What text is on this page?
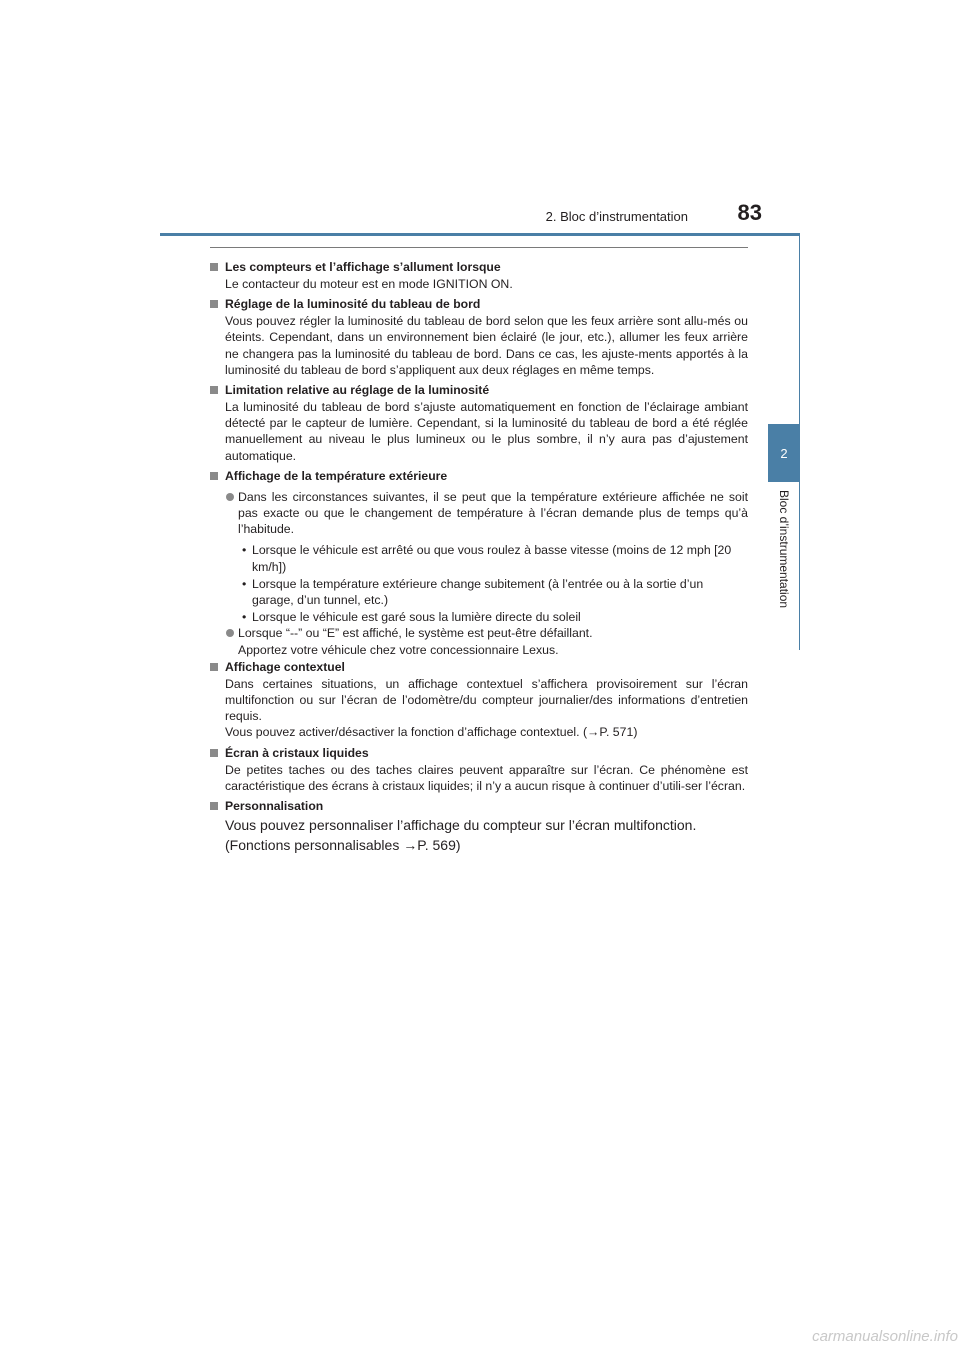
2. Bloc d’instrumentation	83
2
Bloc d’instrumentation

Les compteurs et l’affichage s’allument lorsque

Le contacteur du moteur est en mode IGNITION ON.

Réglage de la luminosité du tableau de bord

Vous pouvez régler la luminosité du tableau de bord selon que les feux arrière sont allu-més ou éteints. Cependant, dans un environnement bien éclairé (le jour, etc.), allumer les feux arrière ne changera pas la luminosité du tableau de bord. Dans ce cas, les ajuste-ments apportés à la luminosité du tableau de bord s’appliquent aux deux réglages en même temps.

Limitation relative au réglage de la luminosité

La luminosité du tableau de bord s’ajuste automatiquement en fonction de l’éclairage ambiant détecté par le capteur de lumière. Cependant, si la luminosité du tableau de bord a été réglée manuellement au niveau le plus lumineux ou le plus sombre, il n’y aura pas d’ajustement automatique.

Affichage de la température extérieure

Dans les circonstances suivantes, il se peut que la température extérieure affichée ne soit pas exacte ou que le changement de température à l’écran demande plus de temps qu’à l’habitude.

• Lorsque le véhicule est arrêté ou que vous roulez à basse vitesse (moins de 12 mph [20 km/h])

• Lorsque la température extérieure change subitement (à l’entrée ou à la sortie d’un garage, d’un tunnel, etc.)

• Lorsque le véhicule est garé sous la lumière directe du soleil

Lorsque “--” ou “E” est affiché, le système est peut-être défaillant.
Apportez votre véhicule chez votre concessionnaire Lexus.

Affichage contextuel

Dans certaines situations, un affichage contextuel s’affichera provisoirement sur l’écran multifonction ou sur l’écran de l’odomètre/du compteur journalier/des informations d’entretien requis.

Vous pouvez activer/désactiver la fonction d’affichage contextuel. (→P. 571)

Écran à cristaux liquides

De petites taches ou des taches claires peuvent apparaître sur l’écran. Ce phénomène est caractéristique des écrans à cristaux liquides; il n’y a aucun risque à continuer d’utili-ser l’écran.

Personnalisation

Vous pouvez personnaliser l’affichage du compteur sur l’écran multifonction.

(Fonctions personnalisables →P. 569)

carmanualsonline.info
